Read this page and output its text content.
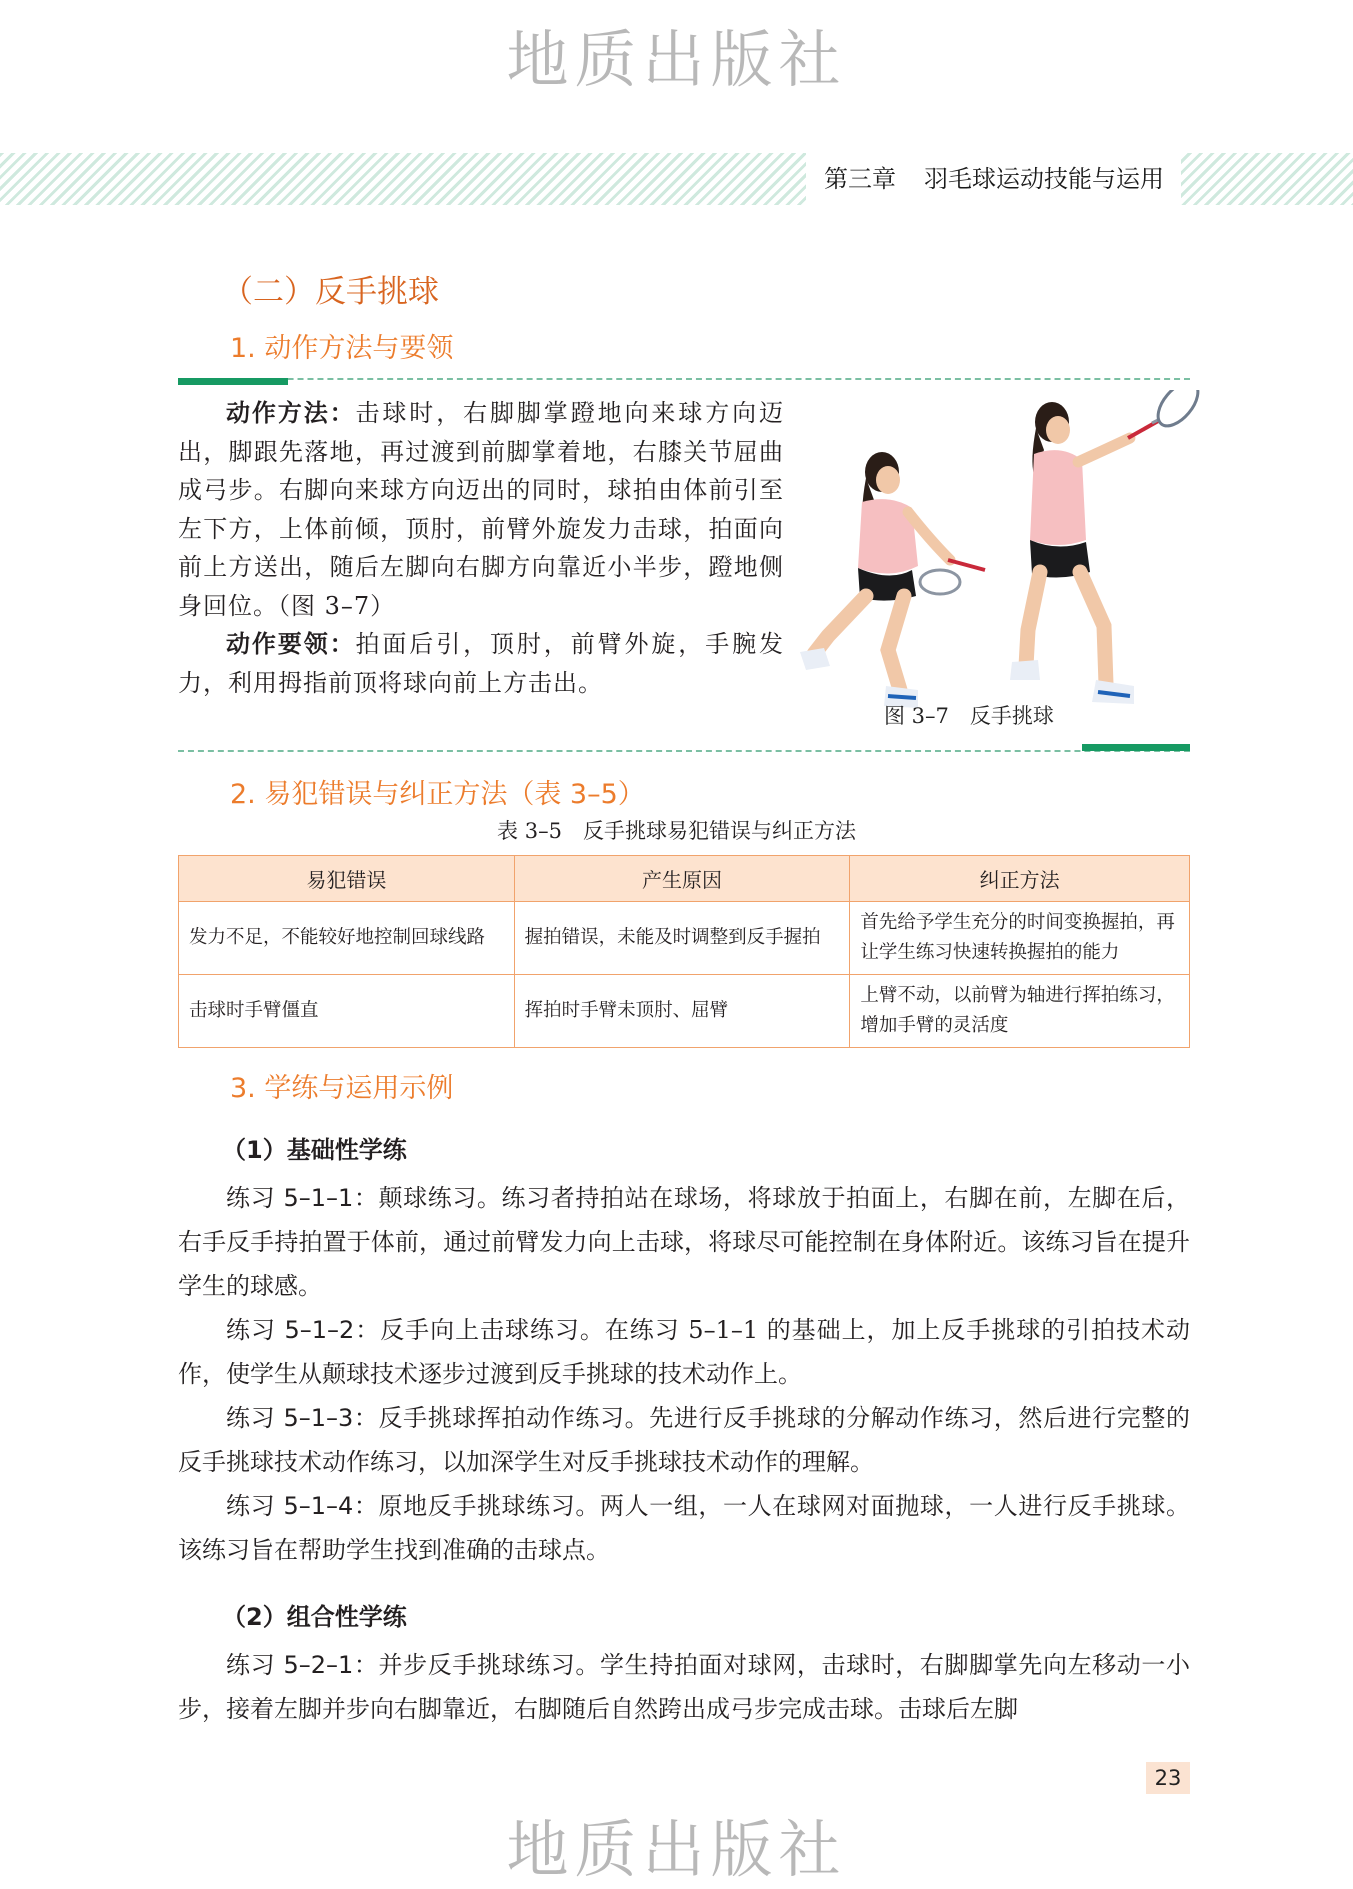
地质出版社
第三章 羽毛球运动技能与运用
（二）反手挑球
1. 动作方法与要领

动作方法：击球时，右脚脚掌蹬地向来球方向迈出，脚跟先落地，再过渡到前脚掌着地，右膝关节屈曲成弓步。右脚向来球方向迈出的同时，球拍由体前引至左下方，上体前倾，顶肘，前臂外旋发力击球，拍面向前上方送出，随后左脚向右脚方向靠近小半步，蹬地侧身回位。（图 3–7）

动作要领：拍面后引，顶肘，前臂外旋，手腕发力，利用拇指前顶将球向前上方击出。

图 3–7　反手挑球
2. 易犯错误与纠正方法（表 3–5）
表 3–5　反手挑球易犯错误与纠正方法
易犯错误	产生原因	纠正方法
发力不足，不能较好地控制回球线路	握拍错误，未能及时调整到反手握拍	首先给予学生充分的时间变换握拍，再让学生练习快速转换握拍的能力
击球时手臂僵直	挥拍时手臂未顶肘、屈臂	上臂不动，以前臂为轴进行挥拍练习，增加手臂的灵活度
3. 学练与运用示例
（1）基础性学练

练习 5–1–1：颠球练习。练习者持拍站在球场，将球放于拍面上，右脚在前，左脚在后，右手反手持拍置于体前，通过前臂发力向上击球，将球尽可能控制在身体附近。该练习旨在提升学生的球感。

练习 5–1–2：反手向上击球练习。在练习 5–1–1 的基础上，加上反手挑球的引拍技术动作，使学生从颠球技术逐步过渡到反手挑球的技术动作上。

练习 5–1–3：反手挑球挥拍动作练习。先进行反手挑球的分解动作练习，然后进行完整的反手挑球技术动作练习，以加深学生对反手挑球技术动作的理解。

练习 5–1–4：原地反手挑球练习。两人一组，一人在球网对面抛球，一人进行反手挑球。该练习旨在帮助学生找到准确的击球点。

（2）组合性学练

练习 5–2–1：并步反手挑球练习。学生持拍面对球网，击球时，右脚脚掌先向左移动一小步，接着左脚并步向右脚靠近，右脚随后自然跨出成弓步完成击球。击球后左脚

23
地质出版社
